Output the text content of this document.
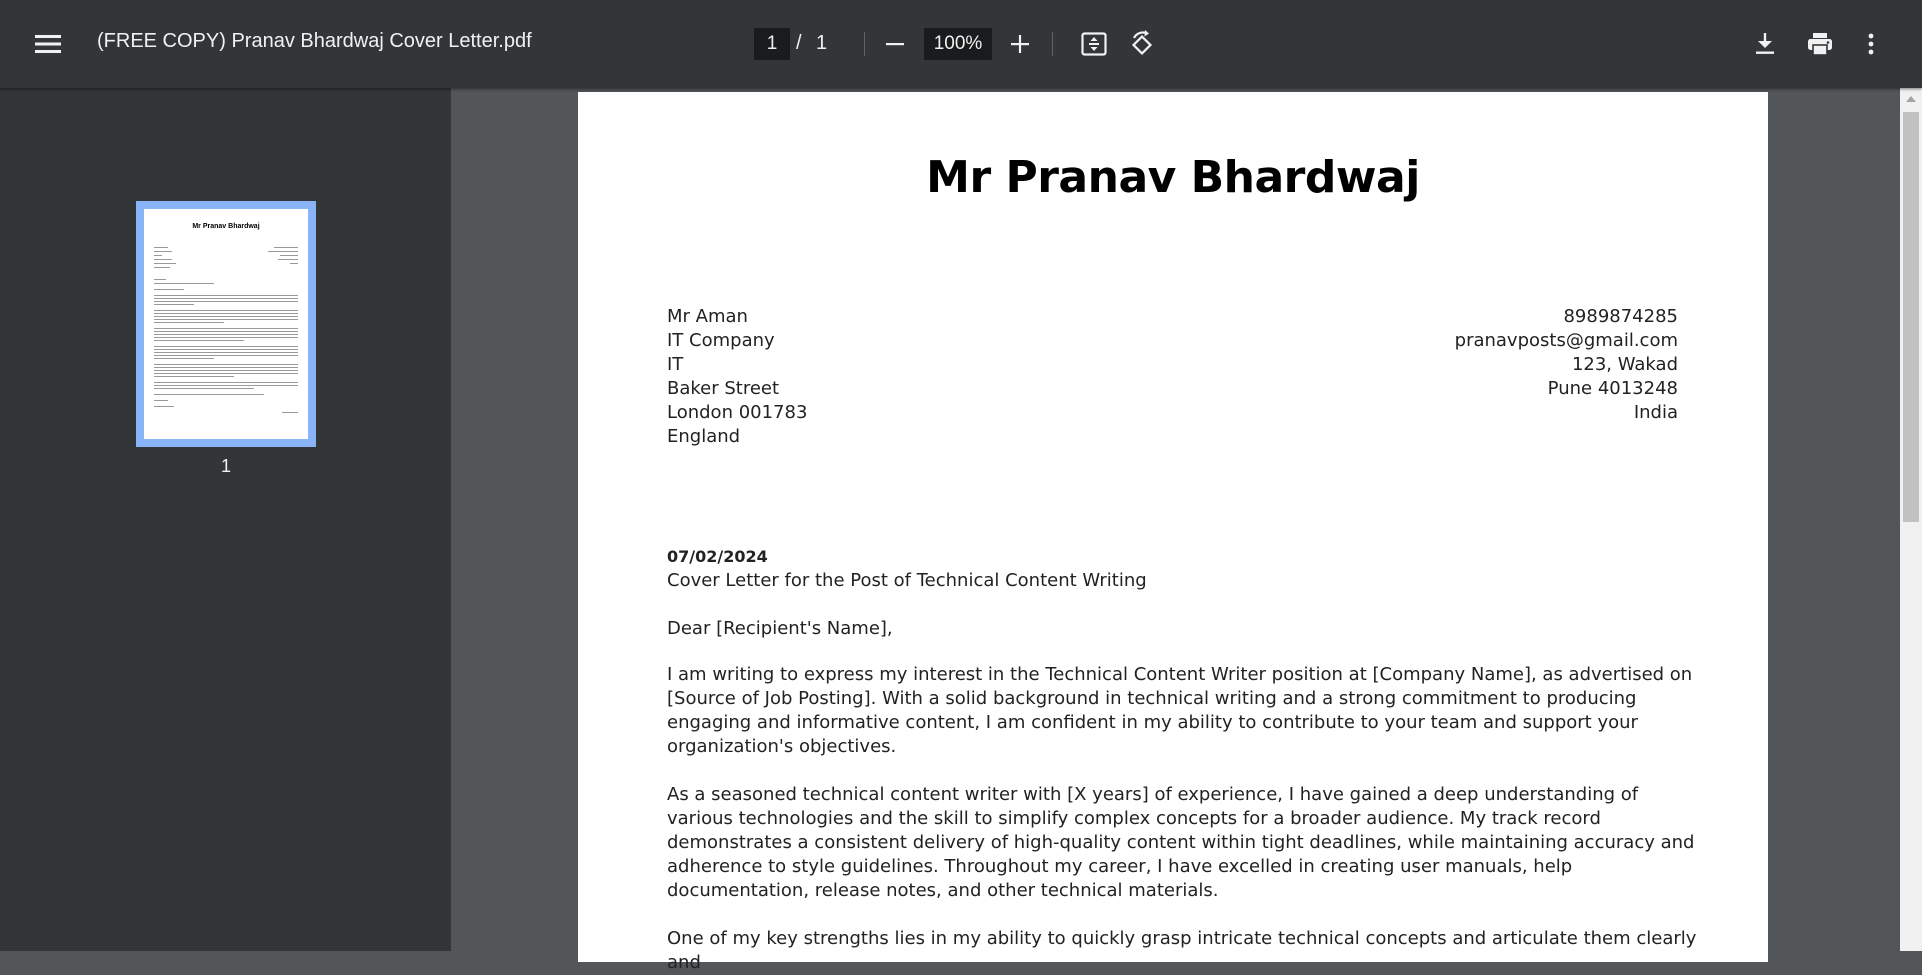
(FREE COPY) Pranav Bhardwaj Cover Letter.pdf	1 / 1	100%
Mr Pranav Bhardwaj
1
Mr Pranav Bhardwaj
Mr Aman
IT Company
IT
Baker Street
London 001783
England
8989874285
pranavposts@gmail.com
123, Wakad
Pune 4013248
India
07/02/2024
Cover Letter for the Post of Technical Content Writing
Dear [Recipient's Name],

I am writing to express my interest in the Technical Content Writer position at [Company Name], as advertised on [Source of Job Posting]. With a solid background in technical writing and a strong commitment to producing engaging and informative content, I am confident in my ability to contribute to your team and support your organization's objectives.

As a seasoned technical content writer with [X years] of experience, I have gained a deep understanding of various technologies and the skill to simplify complex concepts for a broader audience. My track record demonstrates a consistent delivery of high-quality content within tight deadlines, while maintaining accuracy and adherence to style guidelines. Throughout my career, I have excelled in creating user manuals, help documentation, release notes, and other technical materials.

One of my key strengths lies in my ability to quickly grasp intricate technical concepts and articulate them clearly and
